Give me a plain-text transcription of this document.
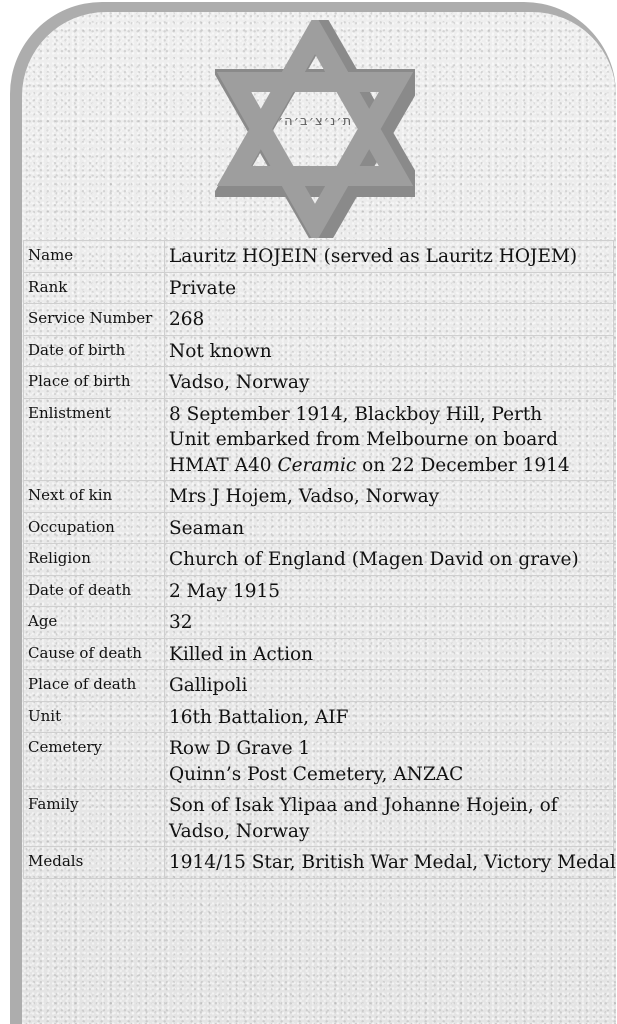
ת׳נ׳צ׳ב׳ה׳
Name	Lauritz HOJEIN (served as Lauritz HOJEM)

Rank	Private

Service Number	268

Date of birth	Not known

Place of birth	Vadso, Norway

Enlistment	8 September 1914, Blackboy Hill, Perth
Unit embarked from Melbourne on board
HMAT A40 Ceramic on 22 December 1914

Next of kin	Mrs J Hojem, Vadso, Norway

Occupation	Seaman

Religion	Church of England (Magen David on grave)

Date of death	2 May 1915

Age	32

Cause of death	Killed in Action

Place of death	Gallipoli

Unit	16th Battalion, AIF

Cemetery	Row D Grave 1
Quinn’s Post Cemetery, ANZAC

Family	Son of Isak Ylipaa and Johanne Hojein, of
Vadso, Norway

Medals	1914/15 Star, British War Medal, Victory Medal
